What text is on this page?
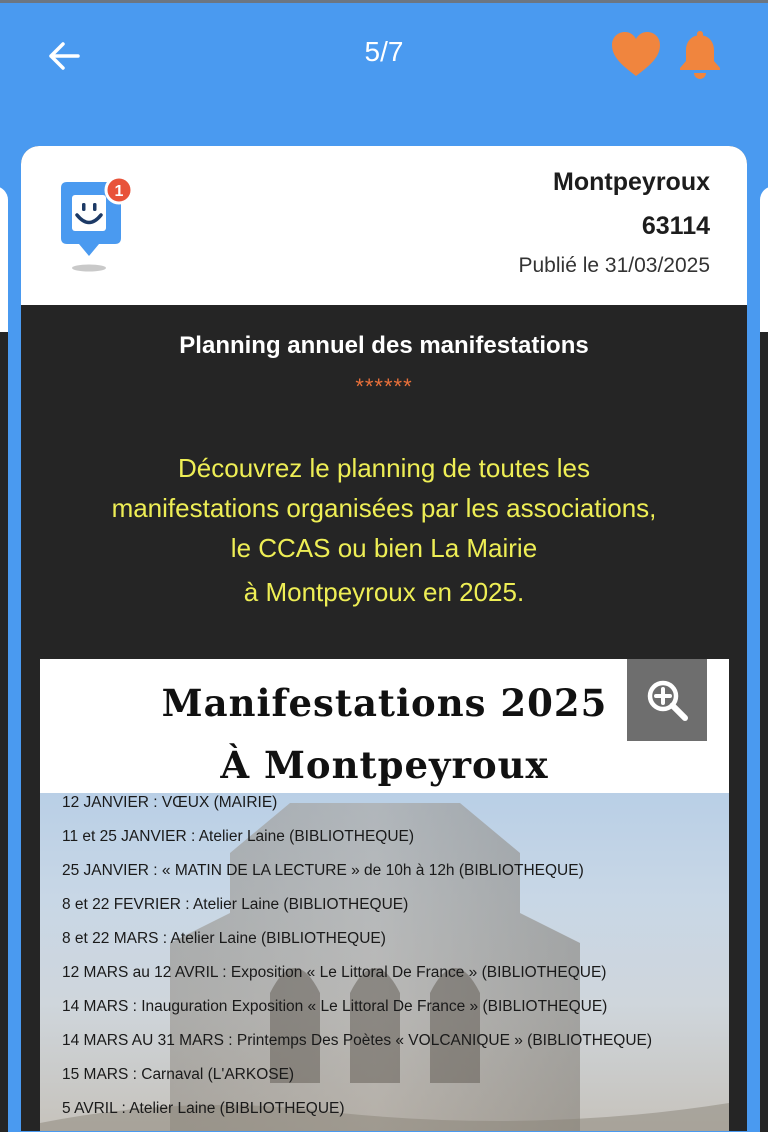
5/7
1	Montpeyroux
63114
Publié le 31/03/2025
Planning annuel des manifestations
******
Découvrez le planning de toutes les
manifestations organisées par les associations,
le CCAS ou bien La Mairie
à Montpeyroux en 2025.
Manifestations 2025
À Montpeyroux
12 JANVIER : VŒUX (MAIRIE)
11 et 25 JANVIER : Atelier Laine (BIBLIOTHEQUE)
25 JANVIER : « MATIN DE LA LECTURE » de 10h à 12h (BIBLIOTHEQUE)
8 et 22 FEVRIER : Atelier Laine (BIBLIOTHEQUE)
8 et 22 MARS : Atelier Laine (BIBLIOTHEQUE)
12 MARS au 12 AVRIL : Exposition « Le Littoral De France » (BIBLIOTHEQUE)
14 MARS : Inauguration Exposition « Le Littoral De France » (BIBLIOTHEQUE)
14 MARS AU 31 MARS : Printemps Des Poètes « VOLCANIQUE » (BIBLIOTHEQUE)
15 MARS : Carnaval (L'ARKOSE)
5 AVRIL : Atelier Laine (BIBLIOTHEQUE)
